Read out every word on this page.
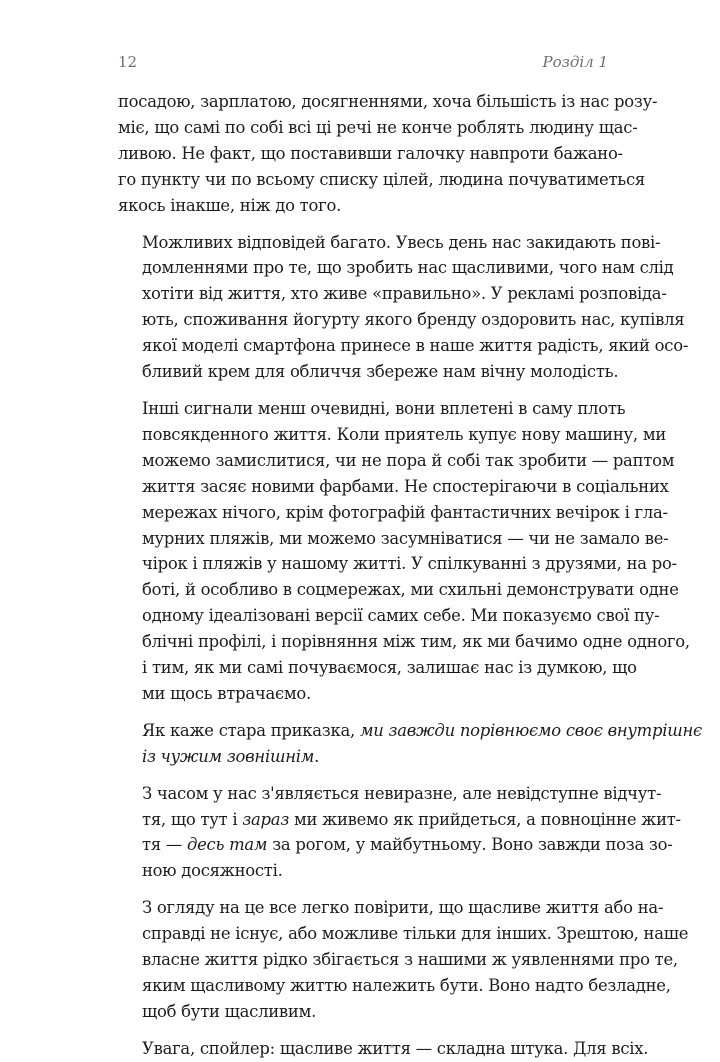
12	Розділ 1

посадою, зарплатою, досягненнями, хоча більшість із нас розу-
міє, що самі по собі всі ці речі не конче роблять людину щас-
ливою. Не факт, що поставивши галочку навпроти бажано-
го пункту чи по всьому списку цілей, людина почуватиметься
якось інакше, ніж до того.

Можливих відповідей багато. Увесь день нас закидають пові-
домленнями про те, що зробить нас щасливими, чого нам слід
хотіти від життя, хто живе «правильно». У рекламі розповіда-
ють, споживання йогурту якого бренду оздоровить нас, купівля
якої моделі смартфона принесе в наше життя радість, який осо-
бливий крем для обличчя збереже нам вічну молодість.

Інші сигнали менш очевидні, вони вплетені в саму плоть
повсякденного життя. Коли приятель купує нову машину, ми
можемо замислитися, чи не пора й собі так зробити — раптом
життя засяє новими фарбами. Не спостерігаючи в соціальних
мережах нічого, крім фотографій фантастичних вечірок і гла-
мурних пляжів, ми можемо засумніватися — чи не замало ве-
чірок і пляжів у нашому житті. У спілкуванні з друзями, на ро-
боті, й особливо в соцмережах, ми схильні демонструвати одне
одному ідеалізовані версії самих себе. Ми показуємо свої пу-
блічні профілі, і порівняння між тим, як ми бачимо одне одного,
і тим, як ми самі почуваємося, залишає нас із думкою, що
ми щось втрачаємо.

Як каже стара приказка, ми завжди порівнюємо своє внутрішнє
із чужим зовнішнім.

З часом у нас з'являється невиразне, але невідступне відчут-
тя, що тут і зараз ми живемо як прийдеться, а повноцінне жит-
тя — десь там за рогом, у майбутньому. Воно завжди поза зо-
ною досяжності.

З огляду на це все легко повірити, що щасливе життя або на-
справді не існує, або можливе тільки для інших. Зрештою, наше
власне життя рідко збігається з нашими ж уявленнями про те,
яким щасливому життю належить бути. Воно надто безладне,
щоб бути щасливим.

Увага, спойлер: щасливе життя — складна штука. Для всіх.
